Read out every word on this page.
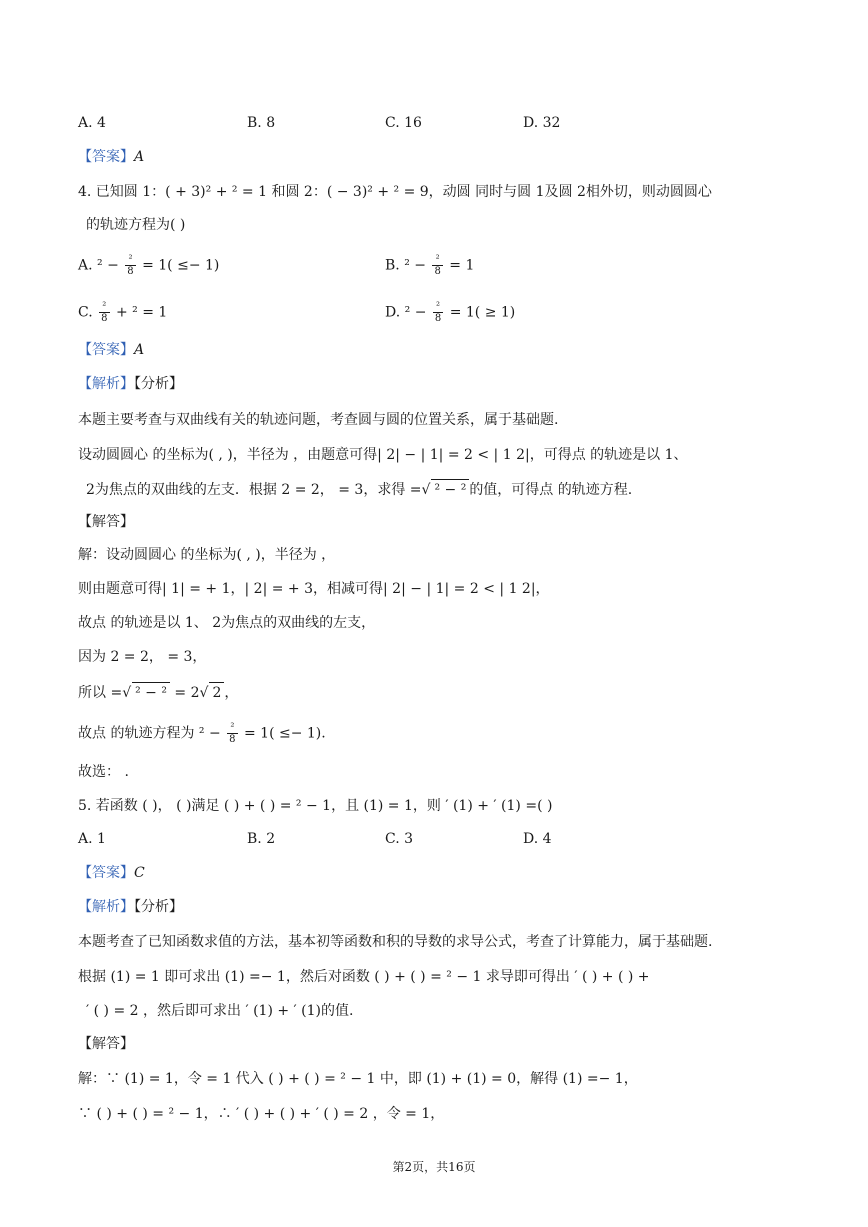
A. 4	B. 8	C. 16	D. 32
【答案】A
4. 已知圆 1：( + 3)² + ² = 1 和圆 2：( − 3)² + ² = 9，动圆 同时与圆 1及圆 2相外切，则动圆圆心
的轨迹方程为( )
A. $^2 - \frac{\text{²}}{8} = 1( \le- 1)$	B. $^2 - \frac{\text{²}}{8} = 1$
C. $\frac{\text{²}}{8} + ^2 = 1$	D. $^2 - \frac{\text{²}}{8} = 1( \ge 1)$
【答案】A
【解析】【分析】
本题主要考查与双曲线有关的轨迹问题，考查圆与圆的位置关系，属于基础题.
设动圆圆心 的坐标为( , )，半径为 ，由题意可得| 2| − | 1| = 2 < | 1 2|，可得点 的轨迹是以 1、
2为焦点的双曲线的左支．根据 2 = 2， = 3，求得 =√² − ²的值，可得点 的轨迹方程.
【解答】
解：设动圆圆心 的坐标为( , )，半径为 ，
则由题意可得| 1| = + 1，| 2| = + 3，相减可得| 2| − | 1| = 2 < | 1 2|，
故点 的轨迹是以 1、 2为焦点的双曲线的左支，
因为 2 = 2， = 3，
所以 =√² − ² = 2√ 2 ，
故点 的轨迹方程为 $^2 - \frac{\text{²}}{8} = 1( \le- 1)$.
故选： .
5. 若函数 ( )， ( )满足 ( ) + ( ) = ² − 1，且 (1) = 1，则 ′ (1) + ′ (1) =( )
A. 1	B. 2	C. 3	D. 4
【答案】C
【解析】【分析】
本题考查了已知函数求值的方法，基本初等函数和积的导数的求导公式，考查了计算能力，属于基础题.
根据 (1) = 1 即可求出 (1) =− 1，然后对函数 ( ) + ( ) = ² − 1 求导即可得出 ′ ( ) + ( ) +
′ ( ) = 2 ，然后即可求出 ′ (1) + ′ (1)的值.
【解答】
解：∵ (1) = 1，令 = 1 代入 ( ) + ( ) = ² − 1 中，即 (1) + (1) = 0，解得 (1) =− 1，
∵ ( ) + ( ) = ² − 1，∴ ′ ( ) + ( ) + ′ ( ) = 2 ，令 = 1，
第2页，共16页
